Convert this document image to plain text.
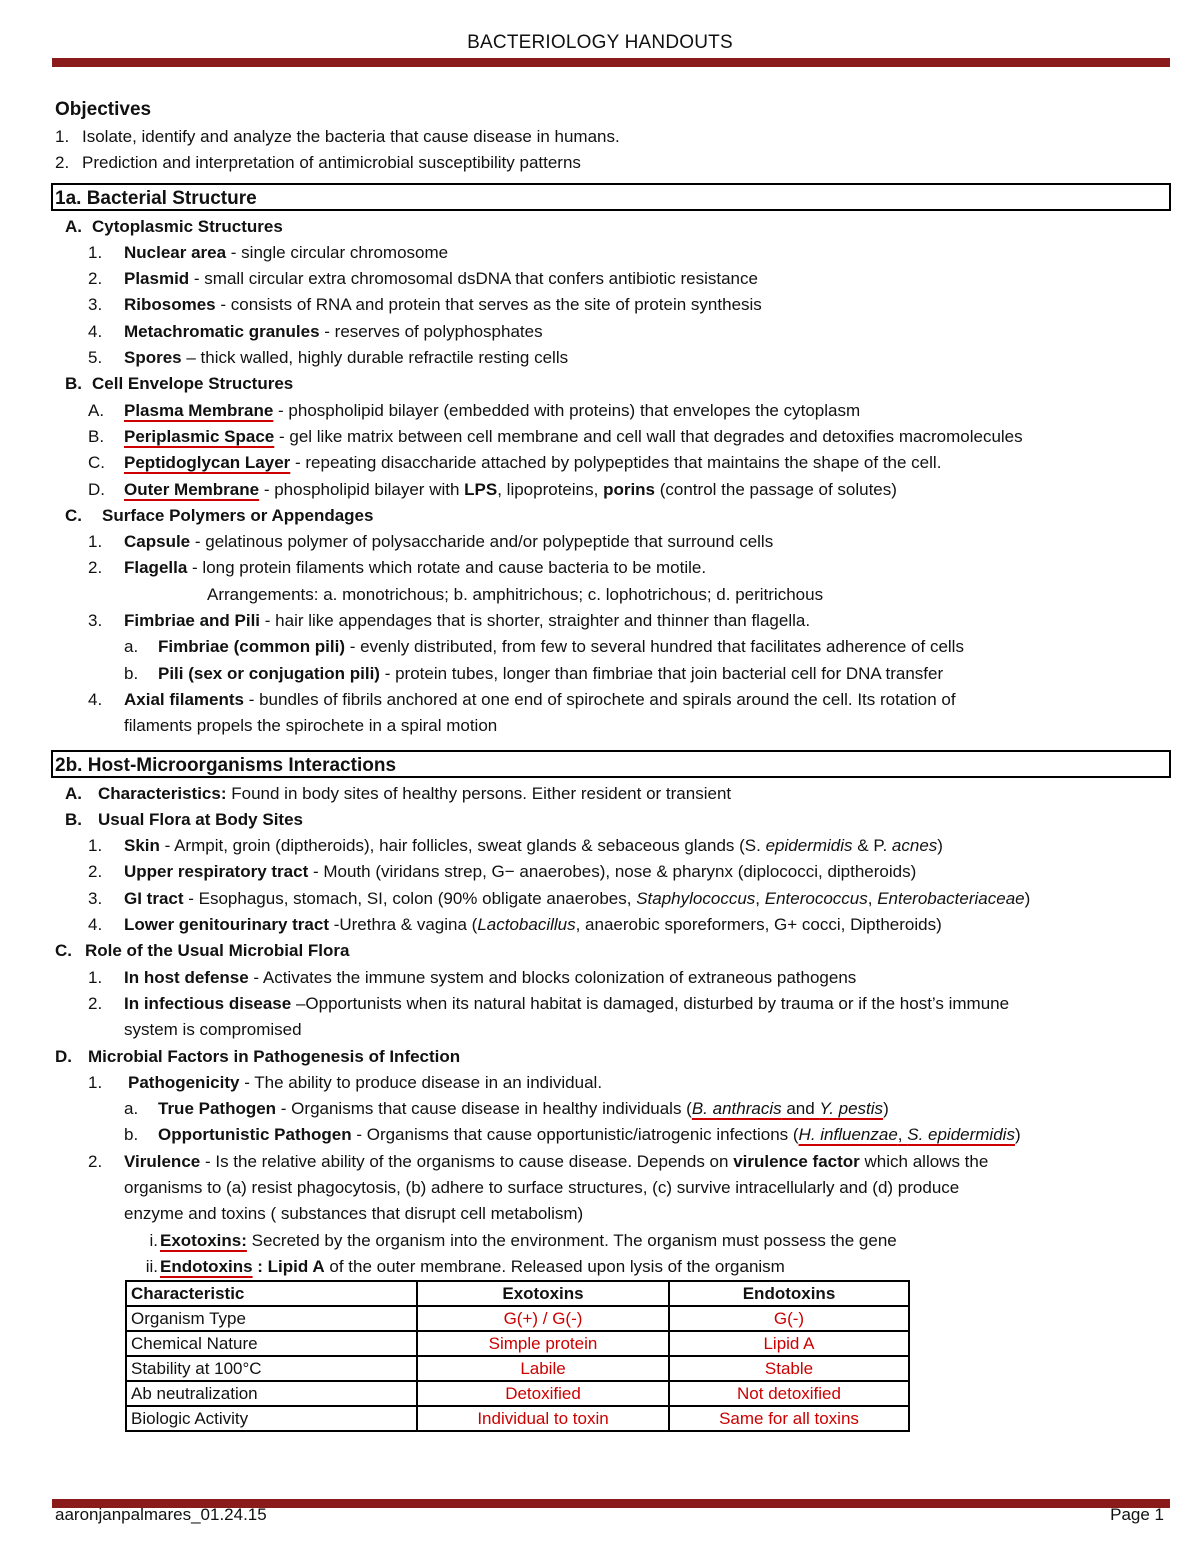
BACTERIOLOGY HANDOUTS
Objectives
1. Isolate, identify and analyze the bacteria that cause disease in humans.
2. Prediction and interpretation of antimicrobial susceptibility patterns
1a. Bacterial Structure
A. Cytoplasmic Structures
1. Nuclear area - single circular chromosome
2. Plasmid - small circular extra chromosomal dsDNA that confers antibiotic resistance
3. Ribosomes - consists of RNA and protein that serves as the site of protein synthesis
4. Metachromatic granules - reserves of polyphosphates
5. Spores – thick walled, highly durable refractile resting cells
B. Cell Envelope Structures
A. Plasma Membrane - phospholipid bilayer (embedded with proteins) that envelopes the cytoplasm
B. Periplasmic Space - gel like matrix between cell membrane and cell wall that degrades and detoxifies macromolecules
C. Peptidoglycan Layer - repeating disaccharide attached by polypeptides that maintains the shape of the cell.
D. Outer Membrane - phospholipid bilayer with LPS, lipoproteins, porins (control the passage of solutes)
C. Surface Polymers or Appendages
1. Capsule - gelatinous polymer of polysaccharide and/or polypeptide that surround cells
2. Flagella - long protein filaments which rotate and cause bacteria to be motile.
Arrangements: a. monotrichous; b. amphitrichous; c. lophotrichous; d. peritrichous
3. Fimbriae and Pili - hair like appendages that is shorter, straighter and thinner than flagella.
a. Fimbriae (common pili) - evenly distributed, from few to several hundred that facilitates adherence of cells
b. Pili (sex or conjugation pili) - protein tubes, longer than fimbriae that join bacterial cell for DNA transfer
4. Axial filaments - bundles of fibrils anchored at one end of spirochete and spirals around the cell. Its rotation of
filaments propels the spirochete in a spiral motion
2b. Host-Microorganisms Interactions
A. Characteristics: Found in body sites of healthy persons. Either resident or transient
B. Usual Flora at Body Sites
1. Skin - Armpit, groin (diptheroids), hair follicles, sweat glands & sebaceous glands (S. epidermidis & P. acnes)
2. Upper respiratory tract - Mouth (viridans strep, G− anaerobes), nose & pharynx (diplococci, diptheroids)
3. GI tract - Esophagus, stomach, SI, colon (90% obligate anaerobes, Staphylococcus, Enterococcus, Enterobacteriaceae)
4. Lower genitourinary tract -Urethra & vagina (Lactobacillus, anaerobic sporeformers, G+ cocci, Diptheroids)
C. Role of the Usual Microbial Flora
1. In host defense - Activates the immune system and blocks colonization of extraneous pathogens
2. In infectious disease –Opportunists when its natural habitat is damaged, disturbed by trauma or if the host’s immune
system is compromised
D. Microbial Factors in Pathogenesis of Infection
1. Pathogenicity - The ability to produce disease in an individual.
a. True Pathogen - Organisms that cause disease in healthy individuals (B. anthracis and Y. pestis)
b. Opportunistic Pathogen - Organisms that cause opportunistic/iatrogenic infections (H. influenzae, S. epidermidis)
2. Virulence - Is the relative ability of the organisms to cause disease. Depends on virulence factor which allows the
organisms to (a) resist phagocytosis, (b) adhere to surface structures, (c) survive intracellularly and (d) produce
enzyme and toxins ( substances that disrupt cell metabolism)
i. Exotoxins: Secreted by the organism into the environment. The organism must possess the gene
ii. Endotoxins : Lipid A of the outer membrane. Released upon lysis of the organism
Characteristic	Exotoxins	Endotoxins
Organism Type	G(+) / G(-)	G(-)
Chemical Nature	Simple protein	Lipid A
Stability at 100°C	Labile	Stable
Ab neutralization	Detoxified	Not detoxified
Biologic Activity	Individual to toxin	Same for all toxins
aaronjanpalmares_01.24.15	Page 1
